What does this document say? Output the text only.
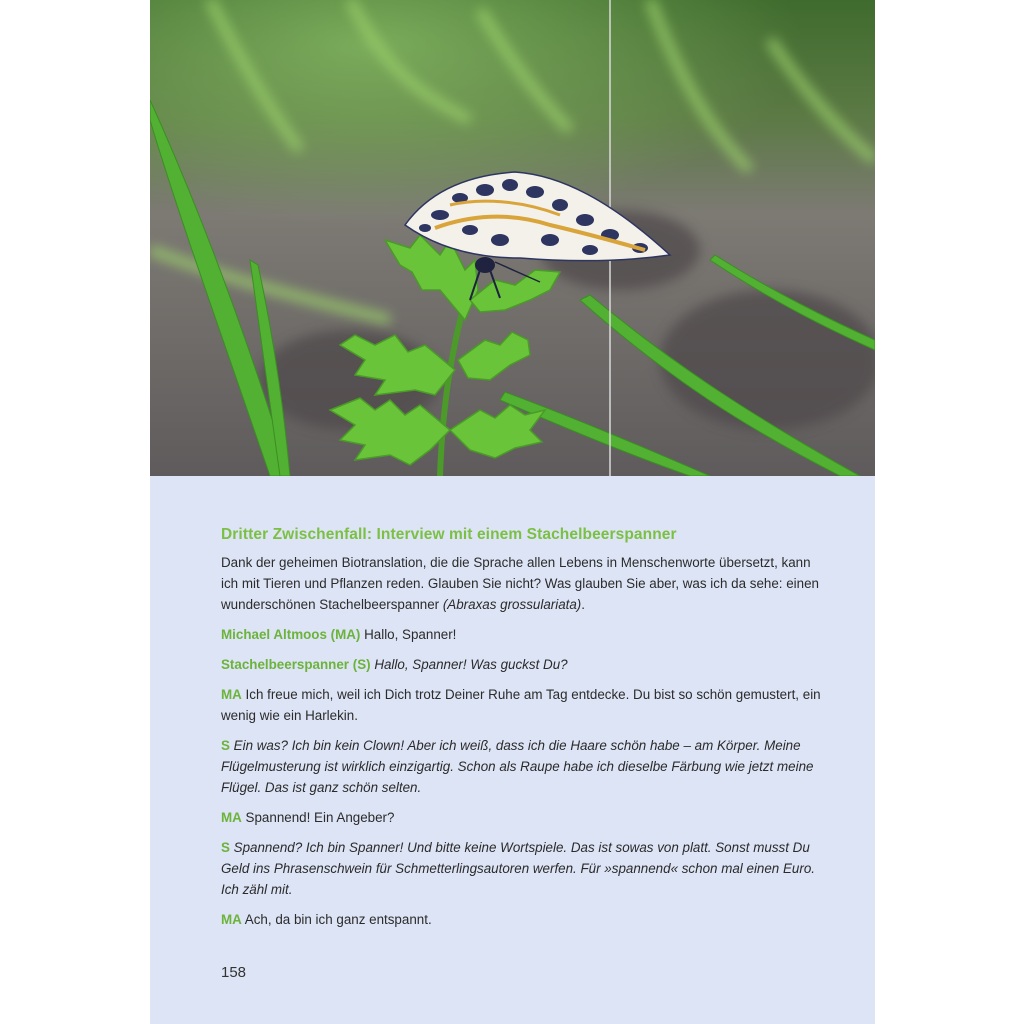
Dritter Zwischenfall: Interview mit einem Stachelbeerspanner

Dank der geheimen Biotranslation, die die Sprache allen Lebens in Menschenworte übersetzt, kann ich mit Tieren und Pflanzen reden. Glauben Sie nicht? Was glauben Sie aber, was ich da sehe: einen wunderschönen Stachelbeerspanner (Abraxas grossulariata).

Michael Altmoos (MA) Hallo, Spanner!

Stachelbeerspanner (S) Hallo, Spanner! Was guckst Du?

MA Ich freue mich, weil ich Dich trotz Deiner Ruhe am Tag entdecke. Du bist so schön gemustert, ein wenig wie ein Harlekin.

S Ein was? Ich bin kein Clown! Aber ich weiß, dass ich die Haare schön habe – am Körper. Meine Flügelmusterung ist wirklich einzigartig. Schon als Raupe habe ich dieselbe Färbung wie jetzt meine Flügel. Das ist ganz schön selten.

MA Spannend! Ein Angeber?

S Spannend? Ich bin Spanner! Und bitte keine Wortspiele. Das ist sowas von platt. Sonst musst Du Geld ins Phrasenschwein für Schmetterlingsautoren werfen. Für »spannend« schon mal einen Euro. Ich zähl mit.

MA Ach, da bin ich ganz entspannt.

158
